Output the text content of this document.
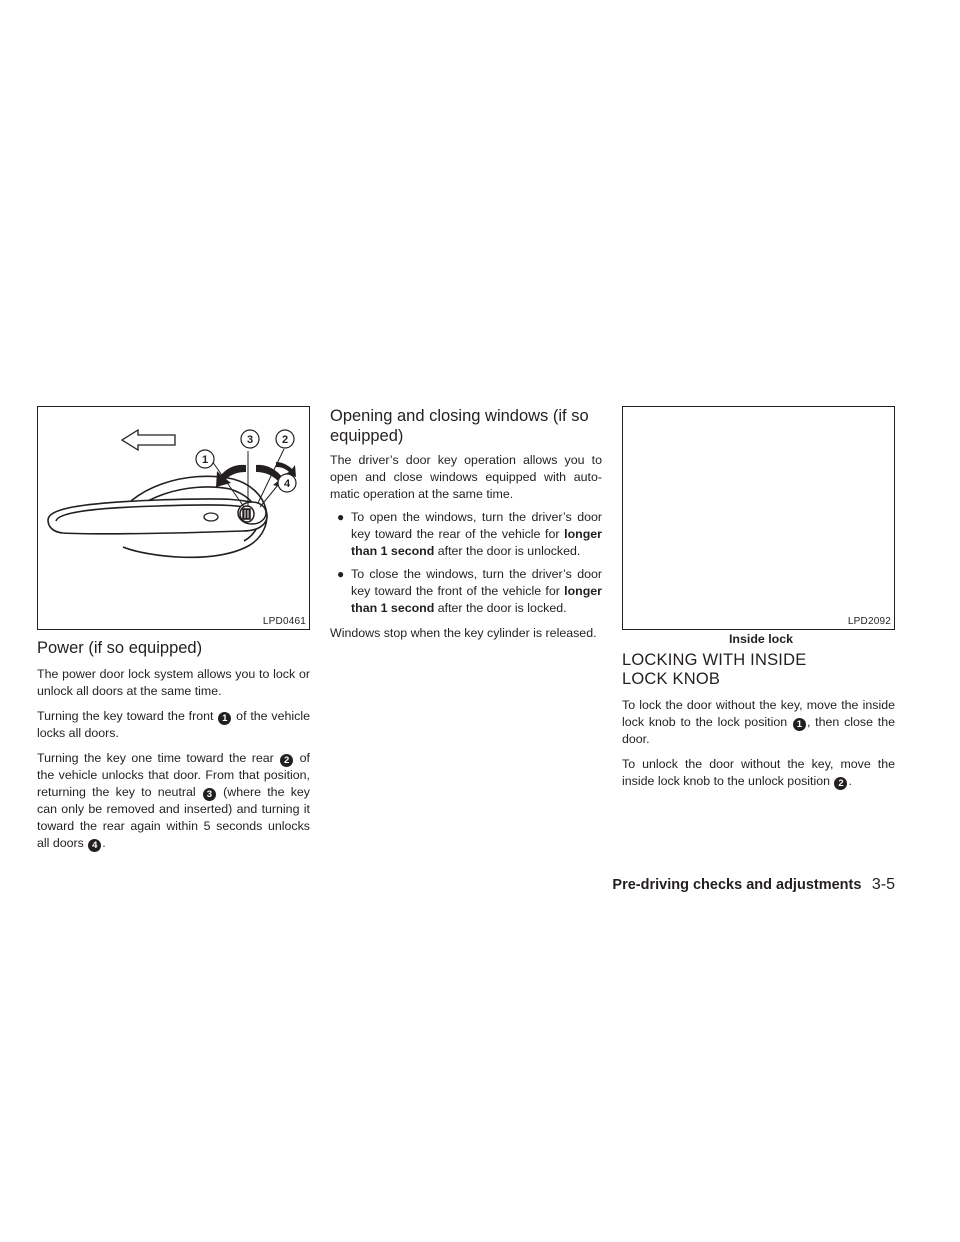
1
3	2
4
LPD0461
Power (if so equipped)

The power door lock system allows you to lock or unlock all doors at the same time.

Turning the key toward the front 1 of the vehicle locks all doors.

Turning the key one time toward the rear 2 of the vehicle unlocks that door. From that position, returning the key to neutral 3 (where the key can only be removed and inserted) and turning it toward the rear again within 5 seconds unlocks all doors 4 .

Opening and closing windows (if so equipped)

The driver’s door key operation allows you to open and close windows equipped with auto-matic operation at the same time.

● To open the windows, turn the driver’s door key toward the rear of the vehicle for longer than 1 second after the door is unlocked.

● To close the windows, turn the driver’s door key toward the front of the vehicle for longer than 1 second after the door is locked.

Windows stop when the key cylinder is released.

LPD2092
Inside lock
LOCKING WITH INSIDE LOCK KNOB

To lock the door without the key, move the inside lock knob to the lock position 1 , then close the door.

To unlock the door without the key, move the inside lock knob to the unlock position 2 .

Pre-driving checks and adjustments 3-5
